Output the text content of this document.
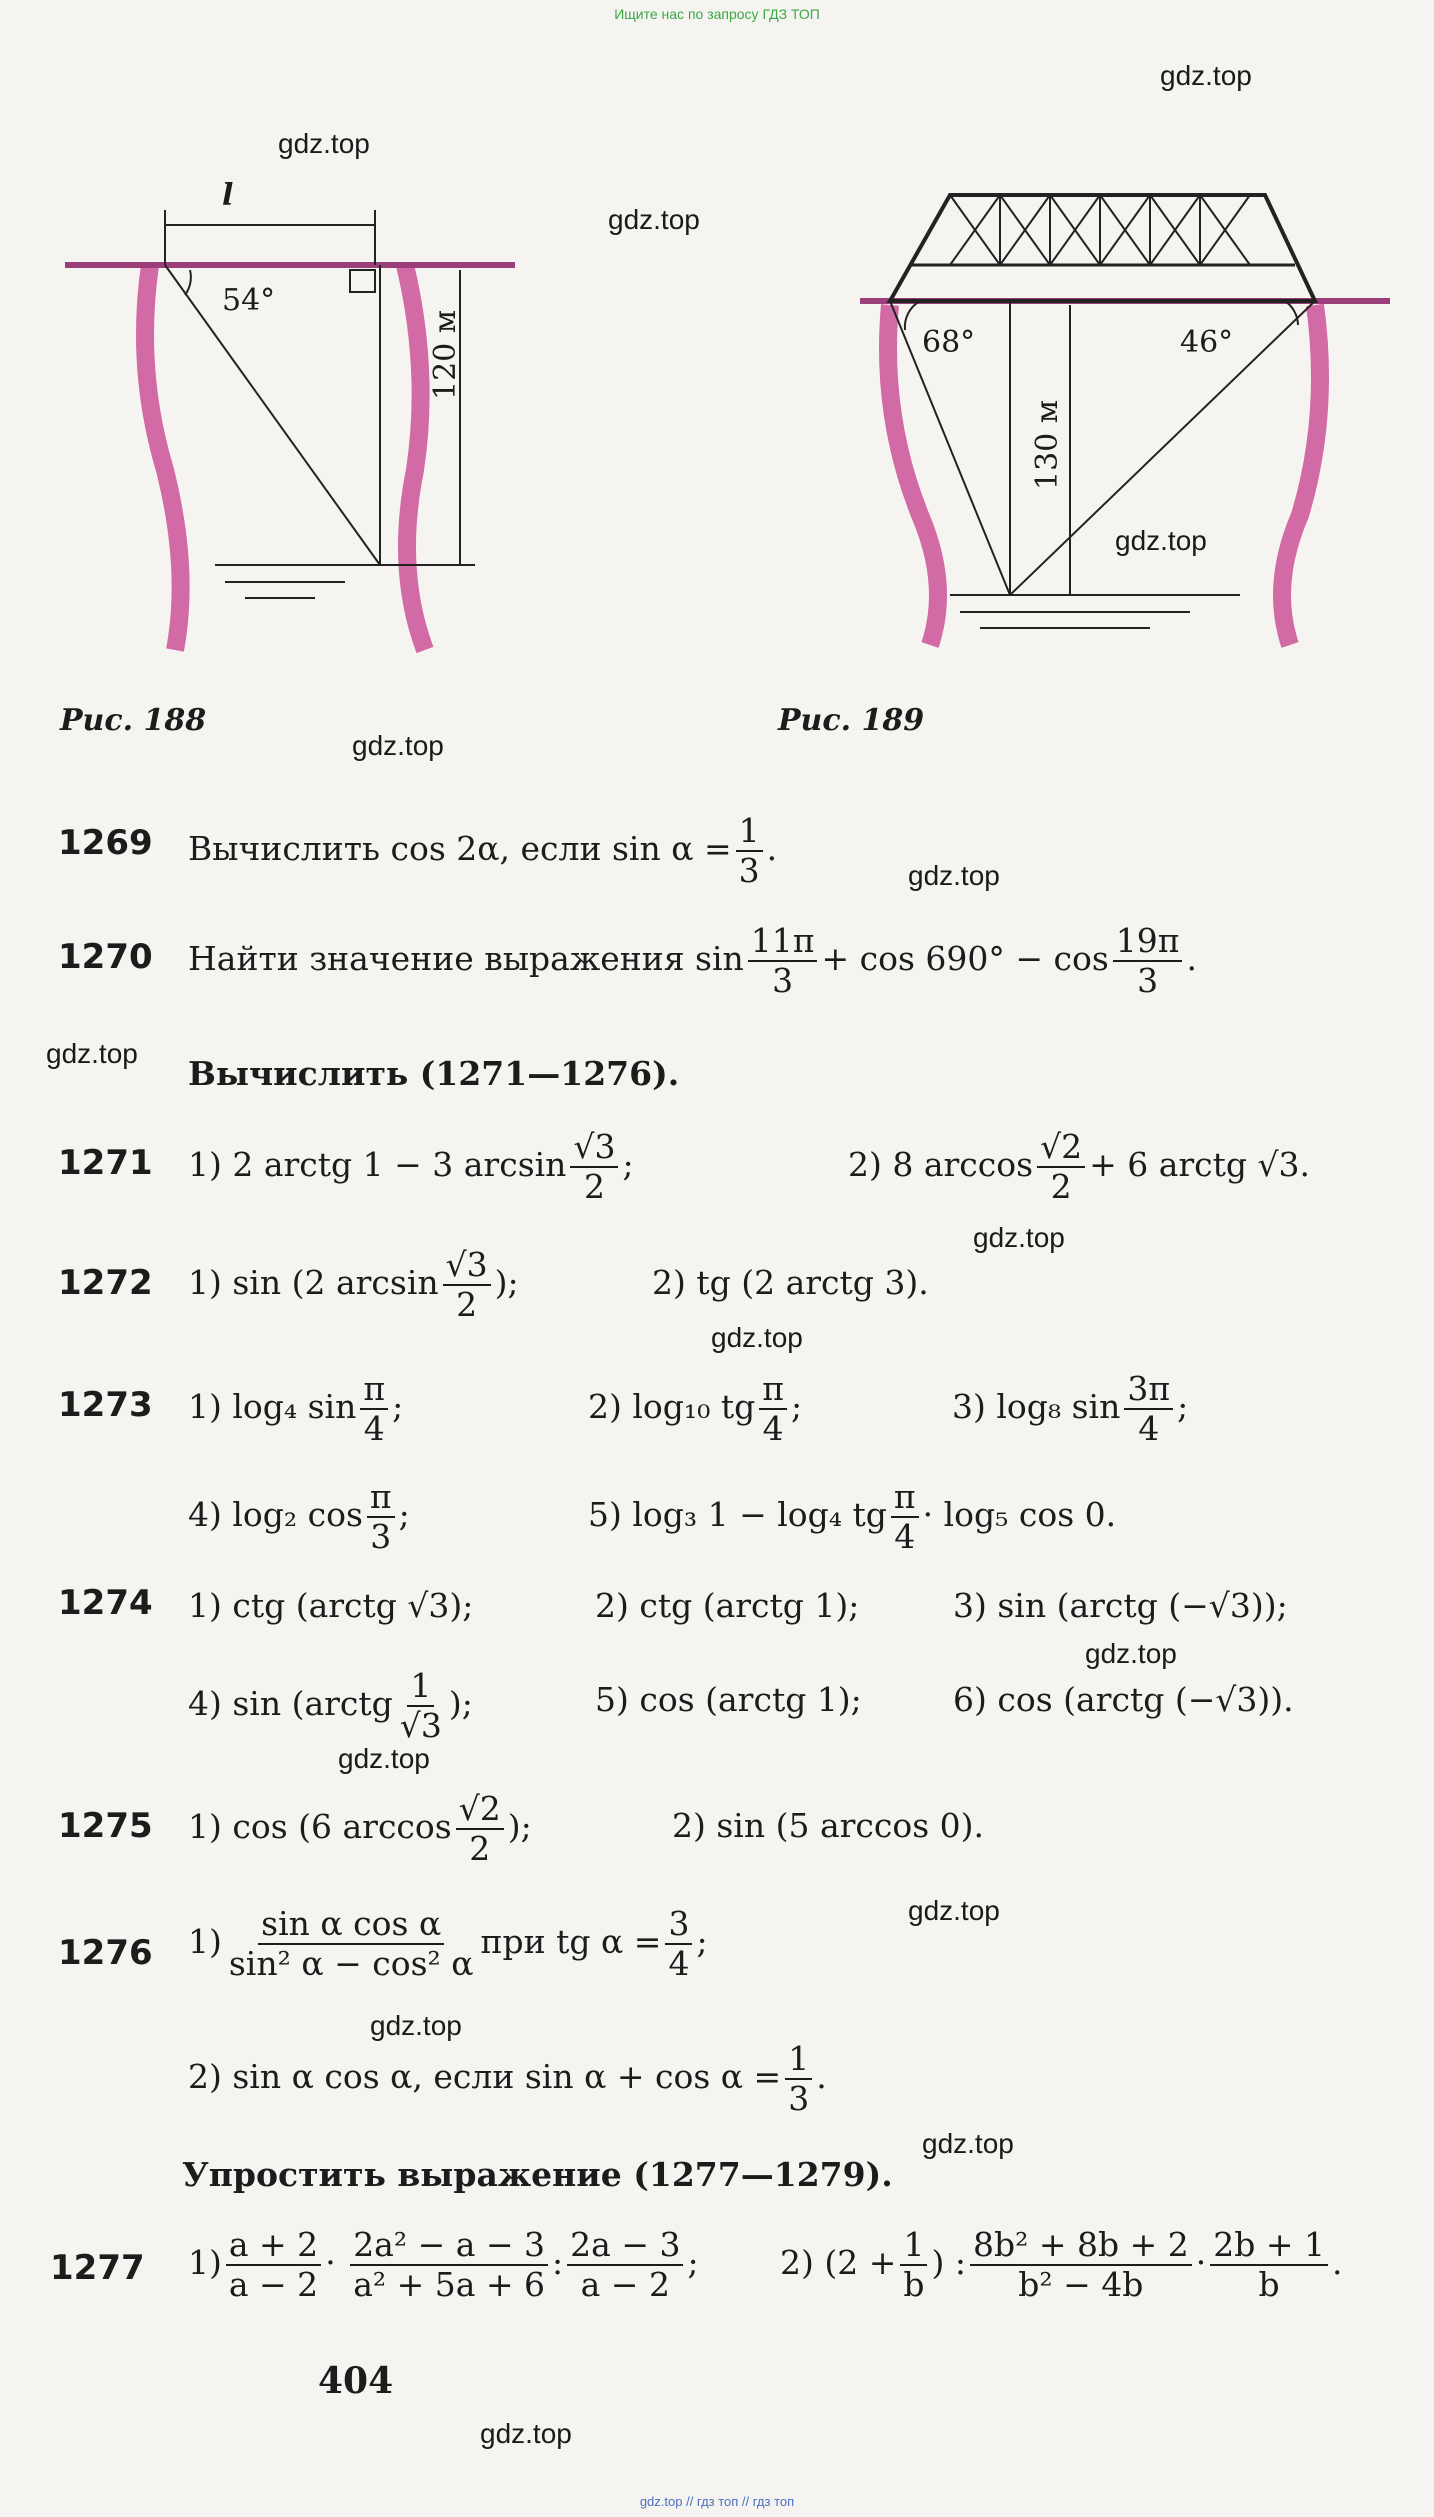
Ищите нас по запросу ГДЗ ТОП
gdz.top
gdz.top
gdz.top
gdz.top
gdz.top
gdz.top
gdz.top
gdz.top
gdz.top
gdz.top
gdz.top
gdz.top
gdz.top
gdz.top
gdz.top
l
54°
120 м
Рис. 188
68°	46°
130 м
Рис. 189
1269 Вычислить cos 2α, если $\sin \alpha = \frac{1}{3}$ .
1270 Найти значение выражения $\sin \frac{11\pi}{3} + \cos 690^\circ - \cos \frac{19\pi}{3}$ .
Вычислить (1271—1276).
1271 1) 2 arctg 1 − 3 $\arcsin \frac{√3}{2}$ ;	2) 8 $\arccos \frac{√2}{2} + 6$ arctg √3.
1272 1) sin (2 $\arcsin \frac{√3}{2}$ );	2) tg (2 arctg 3).
1273 1) log₄ $\sin \frac{\pi}{4}$ ;	2) log₁₀ tg $\frac{\pi}{4}$ ;	3) log₈ $\sin \frac{3\pi}{4}$ ;
4) log₂ $\cos \frac{\pi}{3}$ ;	5) log₃ 1 − log₄ tg $\frac{\pi}{4} \cdot \log_5$ cos 0.
1274 1) ctg (arctg √3);	2) ctg (arctg 1);	3) sin (arctg (−√3));
4) sin (arctg $\frac{1}{√3}$ );	5) cos (arctg 1);	6) cos (arctg (−√3)).
1275 1) cos (6 $\arccos \frac{√2}{2}$ );	2) sin (5 arccos 0).
1276 $1) \frac{\text{sin α cos α}}{\text{sin² α − cos² α}}$ при tg $\alpha = \frac{3}{4}$ ;
2) sin α cos α, если $\sin \alpha + \cos \alpha = \frac{1}{3}$ .
Упростить выражение (1277—1279).
1277 $1) \frac{a + 2}{a - 2} \cdot \frac{\text{2a² − a − 3}}{\text{a² + 5a + 6}}$ : $\frac{2a - 3}{a - 2}$ ; 2) ($2 + \frac{1}{b}$ ) : $\frac{\text{8b² + 8b + 2}}{\text{b² − 4b}} \cdot \frac{2b + 1}{b}$ .
404
gdz.top // гдз топ // гдз топ
